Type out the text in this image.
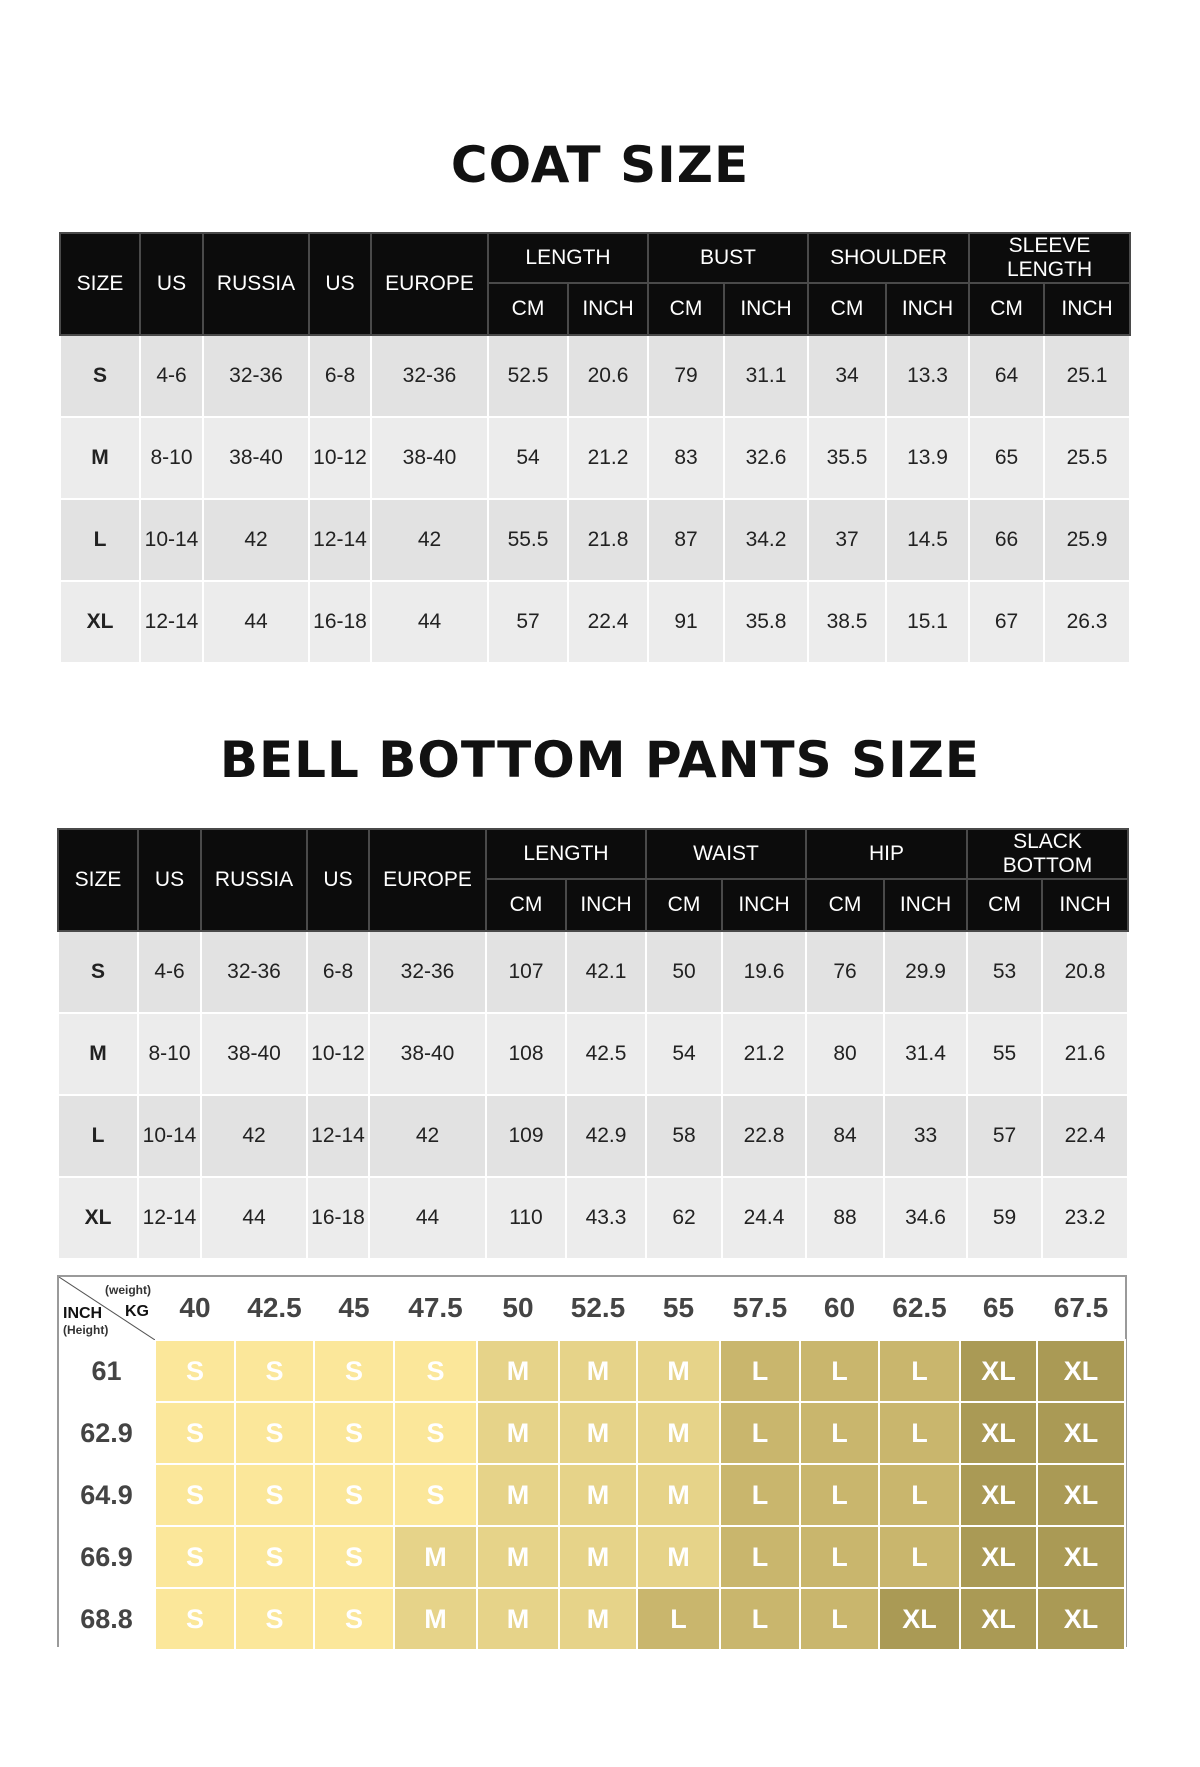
COAT SIZE
SIZE	US	RUSSIA	US	EUROPE	LENGTH		BUST		SHOULDER		SLEEVE LENGTH	
					CM	INCH	CM	INCH	CM	INCH	CM	INCH
S	4-6	32-36	6-8	32-36	52.5	20.6	79	31.1	34	13.3	64	25.1
M	8-10	38-40	10-12	38-40	54	21.2	83	32.6	35.5	13.9	65	25.5
L	10-14	42	12-14	42	55.5	21.8	87	34.2	37	14.5	66	25.9
XL	12-14	44	16-18	44	57	22.4	91	35.8	38.5	15.1	67	26.3
BELL BOTTOM PANTS SIZE
SIZE	US	RUSSIA	US	EUROPE	LENGTH		WAIST		HIP		SLACK BOTTOM	
					CM	INCH	CM	INCH	CM	INCH	CM	INCH
S	4-6	32-36	6-8	32-36	107	42.1	50	19.6	76	29.9	53	20.8
M	8-10	38-40	10-12	38-40	108	42.5	54	21.2	80	31.4	55	21.6
L	10-14	42	12-14	42	109	42.9	58	22.8	84	33	57	22.4
XL	12-14	44	16-18	44	110	43.3	62	24.4	88	34.6	59	23.2
(weight)
KG
INCH
(Height)	40	42.5	45	47.5	50	52.5	55	57.5	60	62.5	65	67.5
61	S	S	S	S	M	M	M	L	L	L	XL	XL
62.9	S	S	S	S	M	M	M	L	L	L	XL	XL
64.9	S	S	S	S	M	M	M	L	L	L	XL	XL
66.9	S	S	S	M	M	M	M	L	L	L	XL	XL
68.8	S	S	S	M	M	M	L	L	L	XL	XL	XL
